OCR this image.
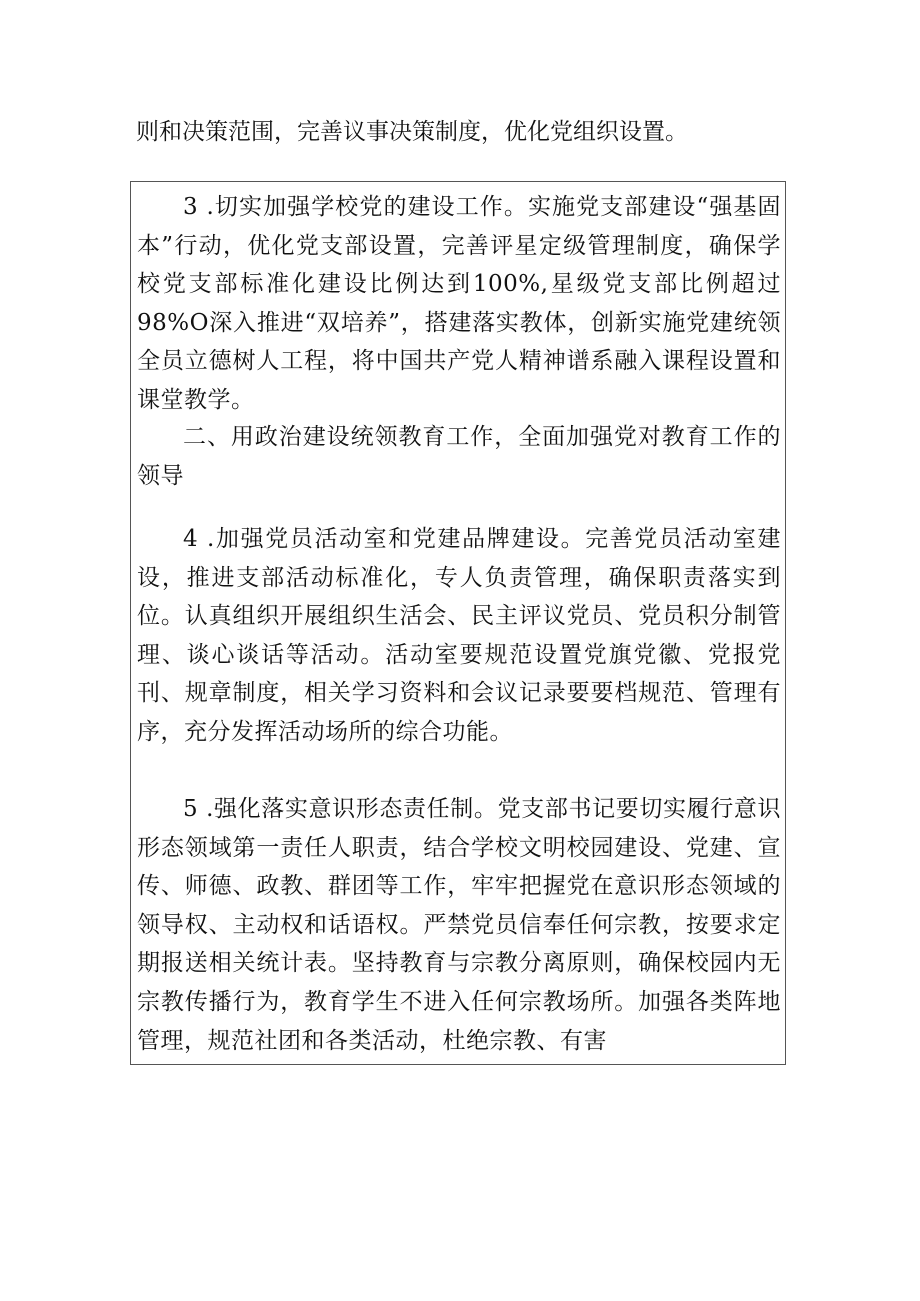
则和决策范围，完善议事决策制度，优化党组织设置。

3 .切实加强学校党的建设工作。实施党支部建设“强基固本”行动，优化党支部设置，完善评星定级管理制度，确保学校党支部标准化建设比例达到100%,星级党支部比例超过98%O深入推进“双培养”，搭建落实教体，创新实施党建统领全员立德树人工程，将中国共产党人精神谱系融入课程设置和课堂教学。

二、用政治建设统领教育工作，全面加强党对教育工作的领导

4 .加强党员活动室和党建品牌建设。完善党员活动室建设，推进支部活动标准化，专人负责管理，确保职责落实到位。认真组织开展组织生活会、民主评议党员、党员积分制管理、谈心谈话等活动。活动室要规范设置党旗党徽、党报党刊、规章制度，相关学习资料和会议记录要要档规范、管理有序，充分发挥活动场所的综合功能。

5 .强化落实意识形态责任制。党支部书记要切实履行意识形态领域第一责任人职责，结合学校文明校园建设、党建、宣传、师德、政教、群团等工作，牢牢把握党在意识形态领域的领导权、主动权和话语权。严禁党员信奉任何宗教，按要求定期报送相关统计表。坚持教育与宗教分离原则，确保校园内无宗教传播行为，教育学生不进入任何宗教场所。加强各类阵地管理，规范社团和各类活动，杜绝宗教、有害
